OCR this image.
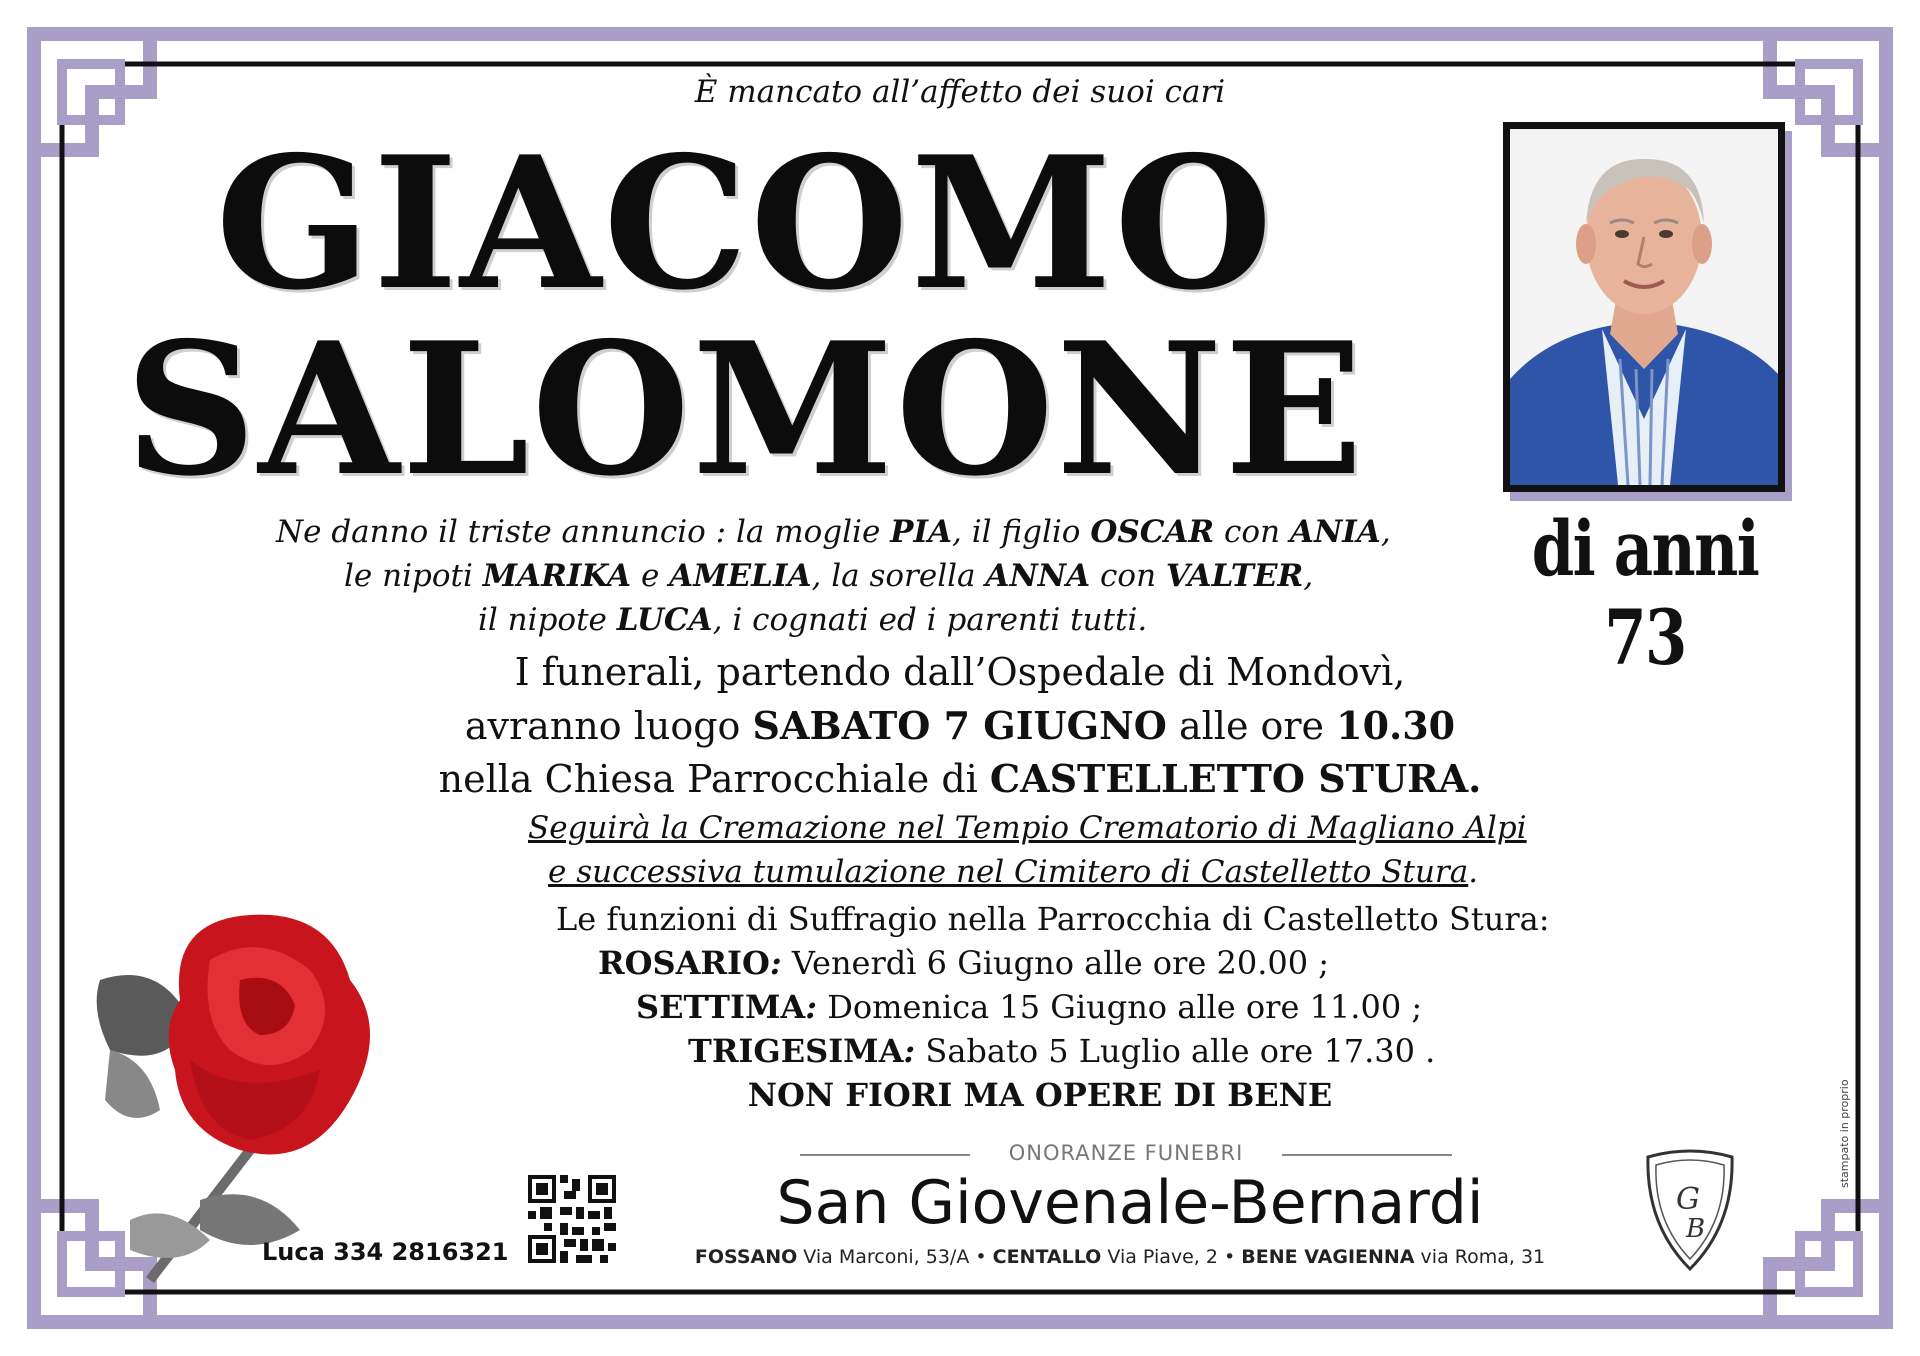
È mancato all’affetto dei suoi cari
GIACOMO
SALOMONE
di anni 73
Ne danno il triste annuncio : la moglie PIA, il figlio OSCAR con ANIA,
le nipoti MARIKA e AMELIA, la sorella ANNA con VALTER,
il nipote LUCA, i cognati ed i parenti tutti.
I funerali, partendo dall’Ospedale di Mondovì,
avranno luogo SABATO 7 GIUGNO alle ore 10.30
nella Chiesa Parrocchiale di CASTELLETTO STURA.
Seguirà la Cremazione nel Tempio Crematorio di Magliano Alpi
e successiva tumulazione nel Cimitero di Castelletto Stura.
Le funzioni di Suffragio nella Parrocchia di Castelletto Stura:
ROSARIO: Venerdì 6 Giugno alle ore 20.00 ;
SETTIMA: Domenica 15 Giugno alle ore 11.00 ;
TRIGESIMA: Sabato 5 Luglio alle ore 17.30 .
NON FIORI MA OPERE DI BENE
Luca 334 2816321
ONORANZE FUNEBRI
San Giovenale-Bernardi
FOSSANO Via Marconi, 53/A • CENTALLO Via Piave, 2 • BENE VAGIENNA via Roma, 31
G
B
stampato in proprio
